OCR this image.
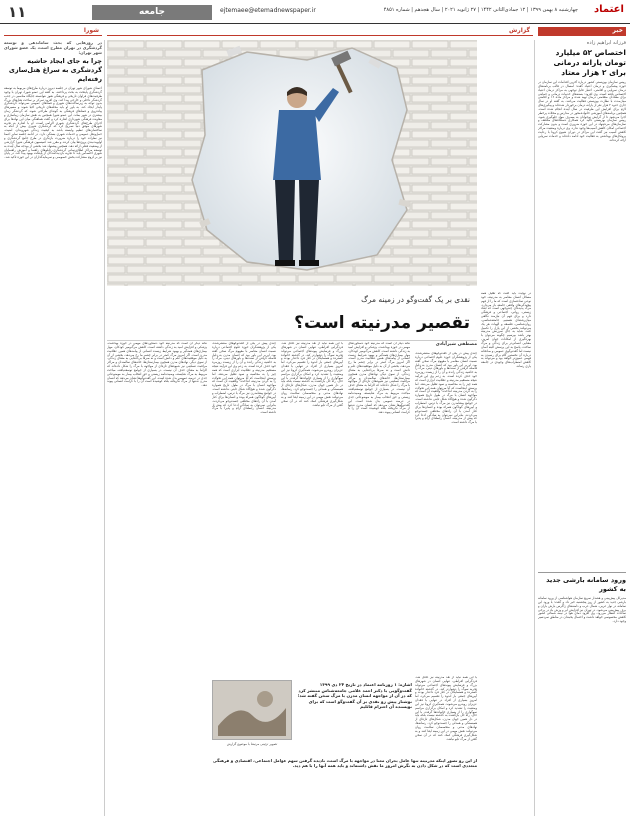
۱۱	جامعه	ejtemaee@etemadnewspaper.ir	چهارشنبه ۸ بهمن ۱۳۹۹ | ۱۲ جمادی‌الثانی ۱۴۴۲ | ۲۷ ژانویه ۲۰۲۱ | سال هجدهم | شماره ۴۸۵۱ اعتماد
خبر
گزارش
شورا
فرزانه ابراهیم زاده
اختصاص ۵۲ میلیارد تومان یارانه درمانی برای ۲ هزار معتاد

رییس سازمان بهزیستی کشور درباره آخرین اقدامات این سازمان در حوزه پیشگیری و درمان اعتیاد گفت: امسال در قالب برنامه‌های درمان سرپایی و اقامتی، اعتبار قابل توجهی به مراکز درمان اعتیاد اختصاص یافته است. وی افزود: بسته‌های خدمات درمانی و حمایتی برای معتادان متقاضی درمان تهیه شده و مراکز ماده ۱۶ و اقامتی میان‌مدت با نظارت بهزیستی فعالیت می‌کنند. به گفته او در سال جاری حدود ۲ هزار نفر از یارانه درمان برخوردار شده‌اند و پیگیری‌های لازم برای افزایش این ظرفیت در سال آینده انجام شده است. همچنین برنامه‌های آموزشی خانواده‌محور در مدارس و محلات پرخطر اجرا می‌شود تا از گرایش نوجوانان به مصرف مواد جلوگیری شود. رییس سازمان بهزیستی تاکید کرد همکاری دستگاه‌های مختلف و سازمان‌های مردم‌نهاد در این حوزه ضروری است و بدون مشارکت اجتماعی امکان کاهش آسیب‌ها وجود ندارد. وی درباره وضعیت مراکز کاهش آسیب نیز گفت این مراکز در دوران شیوع کرونا با رعایت پروتکل‌های بهداشتی به فعالیت خود ادامه داده‌اند و خدمات سرپایی ارائه کرده‌اند.

ورود سامانه بارشی جدید به کشور

مدیرکل پیش‌بینی و هشدار سریع سازمان هواشناسی از ورود سامانه بارشی جدید به کشور از روز پنجشنبه خبر داد و گفت: با ورود این سامانه در نوار غربی، شمال غرب و دامنه‌های زاگرس بارش باران و برف پیش‌بینی می‌شود. در تهران نیز افزایش ابر و وزش باد در برخی ساعات انتظار می‌رود. وی افزود دمای هوا در نیمه شمالی کشور کاهش محسوسی خواهد داشت و احتمال یخبندان در مناطق سردسیر وجود دارد.

در روزهایی که بحث ساماندهی و توسعه گردشگری در تهران مطرح است، یک عضو شورای شهر تهران:

چرا به جای ایجاد حاشیه گردشگری به سراغ هتل‌سازی رفته‌ایم

اعضای شورای شهر تهران در جلسه دیروز درباره طرح‌های مربوط به توسعه گردشگری پایتخت به بحث پرداختند. به گفته این عضو شورا، تهران با وجود ظرفیت‌های فراوان تاریخی و فرهنگی هنوز نتوانسته جایگاه مناسبی در جذب گردشگر داخلی و خارجی پیدا کند. وی افزود تمرکز بر ساخت هتل‌های بزرگ بدون توجه به زیرساخت‌های شهری و فضاهای عمومی نمی‌تواند گردشگری پایدار ایجاد کند. به باور او باید محله‌های تاریخی احیا شوند و مسیرهای پیاده‌روی و فضاهای فرهنگی به گونه‌ای طراحی شوند که گردشگر زمان بیشتری در شهر بماند. این عضو شورا همچنین به نقش سازمان زیباسازی و معاونت فرهنگی شهرداری اشاره کرد و گفت هماهنگی میان این نهادها برای اجرای طرح‌های گردشگری شهری الزامی است. او با اشاره به تجربه شهرهای موفق دنیا تصریح کرد که گردشگری شهری بیش از آنکه به ساختمان‌های عظیم وابسته باشد به کیفیت زندگی شهروندان، امنیت، حمل‌ونقل عمومی و خدمات شهری بستگی دارد. در ادامه جلسه سایر اعضا نیز نظرات خود را درباره ضرورت بازنگری در طرح جامع گردشگری و اولویت‌بندی پروژه‌ها بیان کردند و مقرر شد کمیسیون فرهنگی شورا گزارشی از وضعیت فعلی ارائه دهد. همچنین پیشنهاد شد بخشی از بودجه سال آینده به توسعه مراکز اطلاع‌رسانی گردشگری، تابلوهای راهنما و آموزش راهنمایان شهری اختصاص یابد تا تجربه بازدیدکنندگان از پایتخت بهبود پیدا کند. در پایان نیز بر لزوم مشارکت بخش خصوصی و سرمایه‌گذاران در این حوزه تاکید شد.

نقدی بر یک گفت‌وگو در زمینه مرگ
تقصیر مدرنیته است؟
مصطفی شیرآبادی

چندی پیش در یکی از گفت‌وگوهای منتشرشده، یکی از پژوهشگران حوزه علوم اجتماعی درباره نسبت انسان معاصر با مفهوم مرگ سخن گفته بود. او بر این باور بود که انسان مدرن به دلیل فاصله گرفتن از سنت‌ها و باورهای دینی، مرگ را به حاشیه زندگی رانده و آن را از زیست روزمره خود حذف کرده است. به زعم وی این فرآیند نتیجه مستقیم مدرنیته و عقلانیت ابزاری است که همه چیز را به محاسبه و سود تقلیل می‌دهد. اما پرسش اینجاست که آیا می‌توان همه این تحولات را به گردن مدرنیته انداخت؟ واقعیت آن است که مواجهه انسان با مرگ در طول تاریخ همواره دگرگون شده و هیچ‌گاه شکل ثابتی نداشته است. در جوامع پیشامدرن نیز مرگ با ترس، اضطراب و آیین‌های گوناگون همراه بوده و انسان‌ها برای کنار آمدن با آن راه‌های مختلفی جست‌وجو می‌کردند. بنابراین نمی‌توان به سادگی ادعا کرد که پیش از مدرنیته، انسان رابطه‌ای آرام و پذیرا با مرگ داشته است.

در نهایت باید گفت که تقلیل همه مسائل انسان معاصر به مدرنیته، خود نوعی ساده‌سازی است که ما را از فهم پیچیدگی‌های واقعی جامعه باز می‌دارد. مرگ پدیده‌ای چندوجهی است که ابعاد زیستی، روانی، اجتماعی و فرهنگی دارد و برای فهم آن نیازمند نگاهی میان‌رشته‌ای هستیم. جامعه‌شناسی، روان‌شناسی، فلسفه و الهیات هر یک می‌توانند بخشی از این پازل را تکمیل کنند. شاید به جای سرزنش مدرنیته بهتر باشد بپرسیم چگونه می‌توان با بهره‌گیری از امکانات جهان امروز، معنایی انسانی‌تر برای زندگی و مرگ ساخت. پاسخ به این پرسش البته آسان نیست اما گفت‌وگوی عمومی و صادقانه درباره آن نخستین گام برای رسیدن به فهمی عمیق‌تر خواهد بود و می‌تواند به کاهش اضطراب‌های وجودی در جامعه یاری رساند.

نکته دیگر آن است که مدرنیته خود دستاوردهای مهمی در حوزه بهداشت، پزشکی و افزایش امید به زندگی داشته است. کاهش مرگ‌ومیر کودکان، مهار بیماری‌های همه‌گیر و بهبود شرایط زیست انسانی از پیامدهای همین عقلانیت مدرن است. اگر امروز مرگ کمتر در برابر چشم ما رخ می‌دهد، بخشی از آن به دلیل موفقیت‌های علم و دانش است و نه صرفا بی‌اعتنایی به معنای زندگی. از سوی دیگر، نهادهای مدرن همچون بیمارستان‌ها، خانه‌های سالمندان و مراکز مراقبت تسکینی نیز شیوه‌های تازه‌ای از مواجهه با مرگ را شکل داده‌اند که الزاما به معنای حذف آن نیست. در بسیاری از جوامع توسعه‌یافته، مباحث مربوط به مرگ شایسته، وصیت‌نامه زیستی و حق انتخاب بیمار به موضوعاتی جدی در عرصه عمومی بدل شده است. این گفت‌وگوها نشان می‌دهد که انسان مدرن نه‌تنها از مرگ نگریخته بلکه کوشیده است آن را با کرامت انسانی پیوند دهد.

با این همه نباید از نقد مدرنیته نیز غافل شد. فردگرایی افراطی، تنهایی انسان در شهرهای بزرگ و فرسایش پیوندهای اجتماعی می‌تواند تجربه سوگ را دشوارتر کند. در گذشته خانواده گسترده و همسایگان در کنار فرد داغدار بودند و آیین‌های جمعی بار اندوه را تقسیم می‌کرد، اما امروز بسیاری از افراد در تنهایی با فقدان عزیزان روبه‌رو می‌شوند. همه‌گیری کرونا نیز این وضعیت را تشدید کرد و امکان برگزاری مراسم سوگواری را از بسیاری خانواده‌ها گرفت. با این حال، راه حل بازگشت به گذشته نیست بلکه باید در دل همین جهان مدرن، شکل‌های تازه‌ای از همبستگی و همدلی را جست‌وجو کرد. رسانه‌ها، نهادهای مدنی و متخصصان سلامت روان می‌توانند نقش مهمی در این زمینه ایفا کنند و به شکل‌گیری فرهنگی کمک کنند که در آن سخن گفتن از مرگ تابو نباشد.

چندی پیش در یکی از گفت‌وگوهای منتشرشده، یکی از پژوهشگران حوزه علوم اجتماعی درباره نسبت انسان معاصر با مفهوم مرگ سخن گفته بود. او بر این باور بود که انسان مدرن به دلیل فاصله گرفتن از سنت‌ها و باورهای دینی، مرگ را به حاشیه زندگی رانده و آن را از زیست روزمره خود حذف کرده است. به زعم وی این فرآیند نتیجه مستقیم مدرنیته و عقلانیت ابزاری است که همه چیز را به محاسبه و سود تقلیل می‌دهد. اما پرسش اینجاست که آیا می‌توان همه این تحولات را به گردن مدرنیته انداخت؟ واقعیت آن است که مواجهه انسان با مرگ در طول تاریخ همواره دگرگون شده و هیچ‌گاه شکل ثابتی نداشته است. در جوامع پیشامدرن نیز مرگ با ترس، اضطراب و آیین‌های گوناگون همراه بوده و انسان‌ها برای کنار آمدن با آن راه‌های مختلفی جست‌وجو می‌کردند. بنابراین نمی‌توان به سادگی ادعا کرد که پیش از مدرنیته، انسان رابطه‌ای آرام و پذیرا با مرگ داشته است.

نکته دیگر آن است که مدرنیته خود دستاوردهای مهمی در حوزه بهداشت، پزشکی و افزایش امید به زندگی داشته است. کاهش مرگ‌ومیر کودکان، مهار بیماری‌های همه‌گیر و بهبود شرایط زیست انسانی از پیامدهای همین عقلانیت مدرن است. اگر امروز مرگ کمتر در برابر چشم ما رخ می‌دهد، بخشی از آن به دلیل موفقیت‌های علم و دانش است و نه صرفا بی‌اعتنایی به معنای زندگی. از سوی دیگر، نهادهای مدرن همچون بیمارستان‌ها، خانه‌های سالمندان و مراکز مراقبت تسکینی نیز شیوه‌های تازه‌ای از مواجهه با مرگ را شکل داده‌اند که الزاما به معنای حذف آن نیست. در بسیاری از جوامع توسعه‌یافته، مباحث مربوط به مرگ شایسته، وصیت‌نامه زیستی و حق انتخاب بیمار به موضوعاتی جدی در عرصه عمومی بدل شده است. این گفت‌وگوها نشان می‌دهد که انسان مدرن نه‌تنها از مرگ نگریخته بلکه کوشیده است آن را با کرامت انسانی پیوند دهد.

با این همه نباید از نقد مدرنیته نیز غافل شد. فردگرایی افراطی، تنهایی انسان در شهرهای بزرگ و فرسایش پیوندهای اجتماعی می‌تواند تجربه سوگ را دشوارتر کند. در گذشته خانواده گسترده و همسایگان در کنار فرد داغدار بودند و آیین‌های جمعی بار اندوه را تقسیم می‌کرد، اما امروز بسیاری از افراد در تنهایی با فقدان عزیزان روبه‌رو می‌شوند. همه‌گیری کرونا نیز این وضعیت را تشدید کرد و امکان برگزاری مراسم سوگواری را از بسیاری خانواده‌ها گرفت. با این حال، راه حل بازگشت به گذشته نیست بلکه باید در دل همین جهان مدرن، شکل‌های تازه‌ای از همبستگی و همدلی را جست‌وجو کرد. رسانه‌ها، نهادهای مدنی و متخصصان سلامت روان می‌توانند نقش مهمی در این زمینه ایفا کنند و به شکل‌گیری فرهنگی کمک کنند که در آن سخن گفتن از مرگ تابو نباشد.

تصویر تزئینی مرتبط با موضوع گزارش
اشاره: ۱ روزنامه اعتماد در تاریخ ۲۴ دی ۱۳۹۹ گفت‌وگویی با دکتر احمد غلامی جامعه‌شناس منتشر کرد که در آن از مواجهه انسان مدرن با مرگ سخن گفته شد؛ نوشتار پیش رو نقدی بر آن گفت‌وگو است که برای نویسنده آن احترام قائلیم
از این رو تصور اینکه مدرنیته تنها عامل بحران معنا در مواجهه با مرگ است، نادیده گرفتن سهم عوامل اجتماعی، اقتصادی و فرهنگی متعددی است که در شکل دادن به نگرش امروز ما نقش داشته‌اند و باید همه آنها را با هم دید.
